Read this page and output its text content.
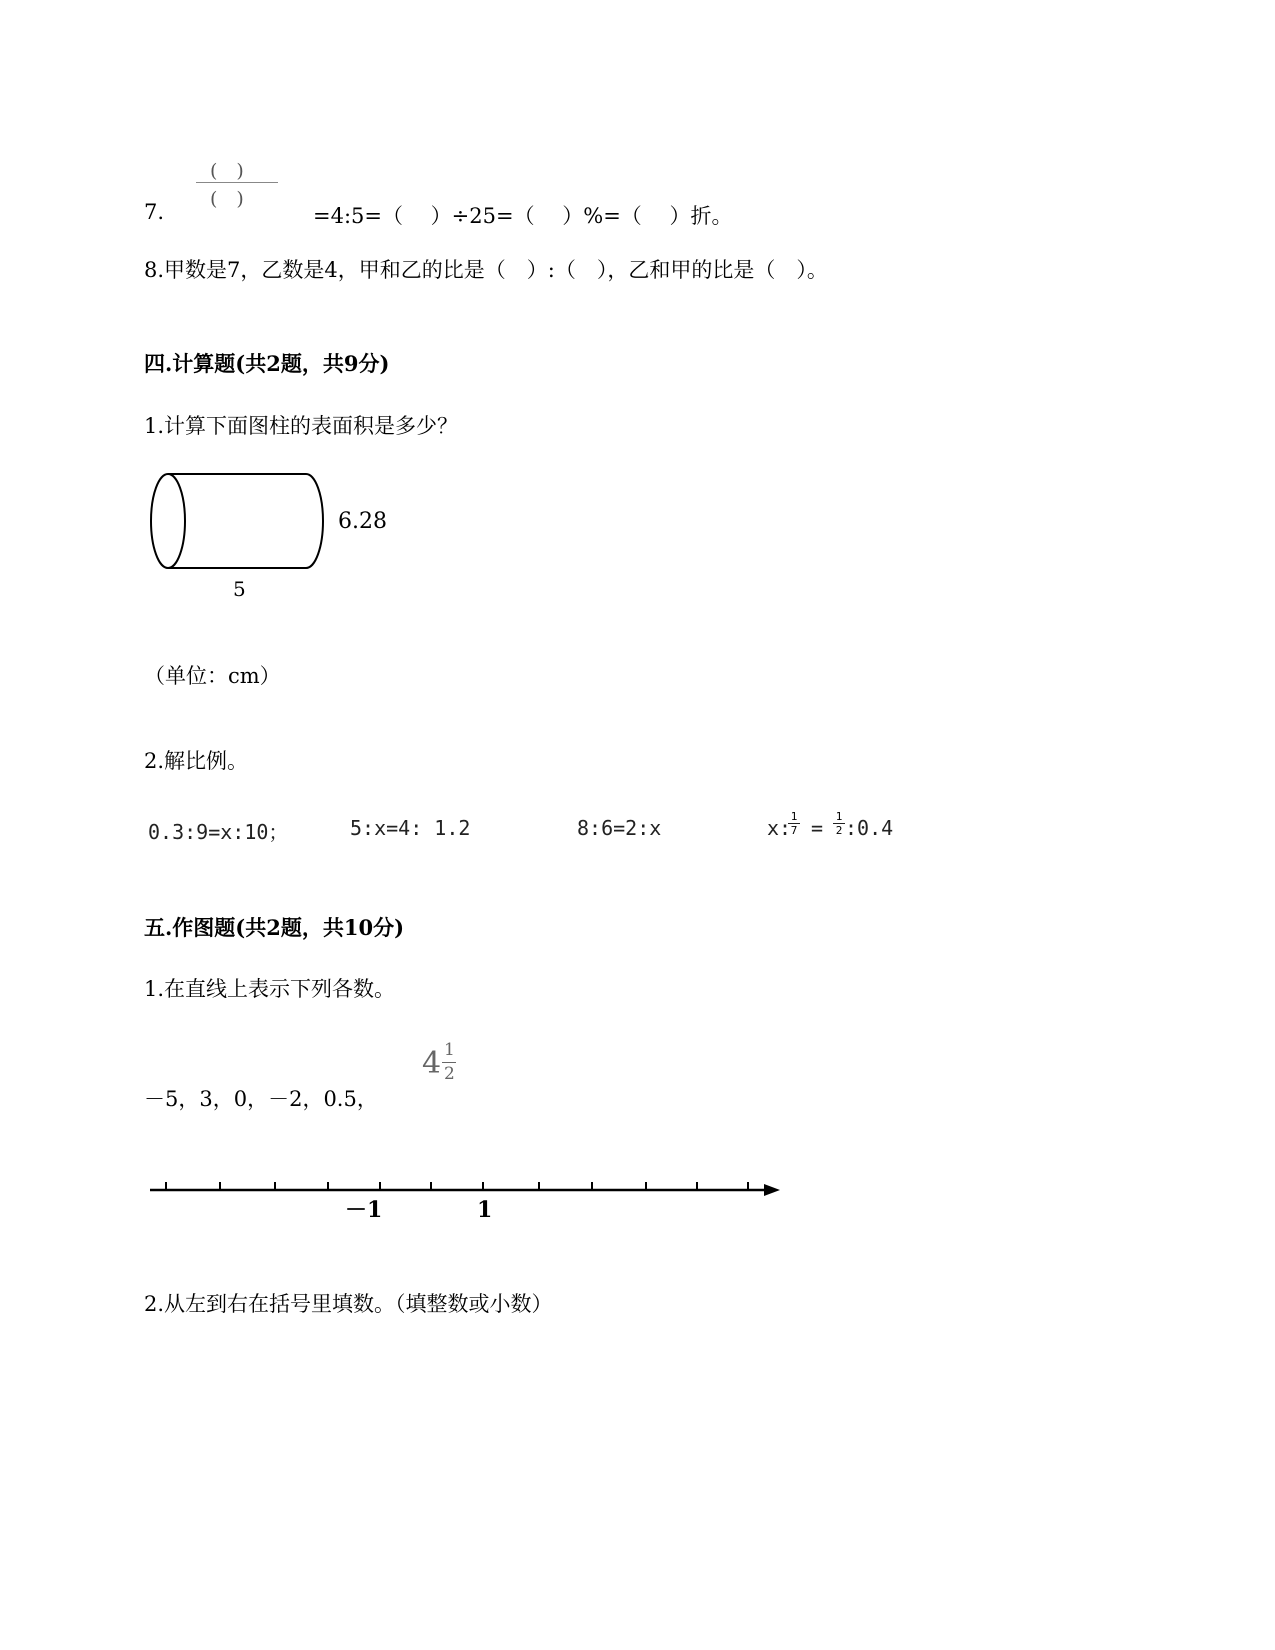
7.
(　)
(　)
=4:5=（　 ）÷25=（　 ）%=（　 ）折。
8.甲数是7，乙数是4，甲和乙的比是（　）:（　），乙和甲的比是（　）。
四.计算题(共2题，共9分)
1.计算下面图柱的表面积是多少？
6.28
5
（单位：cm）
2.解比例。
0.3:9=x:10；	5:x=4: 1.2	8:6=2:x	x: 1
7 = 1
2 :0.4
五.作图题(共2题，共10分)
1.在直线上表示下列各数。
－5，3，0，－2，0.5，
4 1
2
－1	1
2.从左到右在括号里填数。（填整数或小数）
